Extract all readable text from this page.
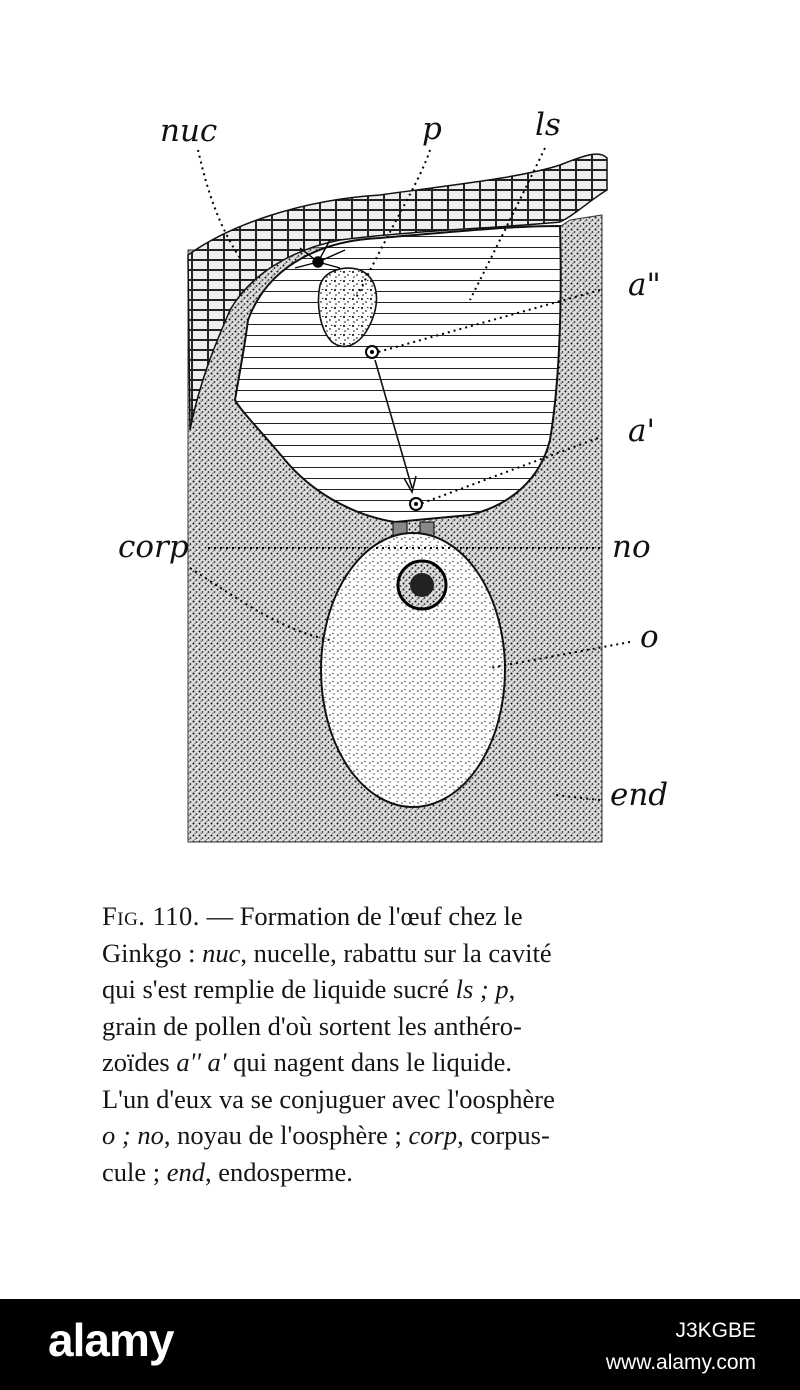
nuc	p	ls
a"
a'
corp	no
o
end
Fig. 110. — Formation de l'œuf chez le
Ginkgo : nuc, nucelle, rabattu sur la cavité
qui s'est remplie de liquide sucré ls ; p,
grain de pollen d'où sortent les anthéro-
zoïdes a'' a' qui nagent dans le liquide.
L'un d'eux va se conjuguer avec l'oosphère
o ; no, noyau de l'oosphère ; corp, corpus-
cule ; end, endosperme.
alamy	J3KGBE
www.alamy.com
